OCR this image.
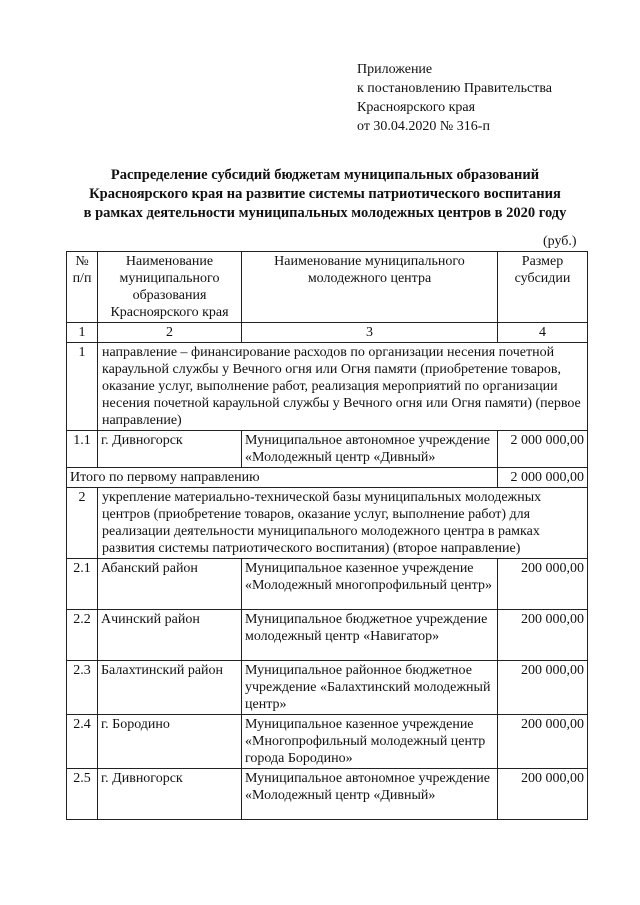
Приложение
к постановлению Правительства
Красноярского края
от 30.04.2020 № 316-п
Распределение субсидий бюджетам муниципальных образований
Красноярского края на развитие системы патриотического воспитания
в рамках деятельности муниципальных молодежных центров в 2020 году
(руб.)
№ п/п	Наименование муниципального образования Красноярского края	Наименование муниципального молодежного центра	Размер субсидии
1	2	3	4
1	направление – финансирование расходов по организации несения почетной караульной службы у Вечного огня или Огня памяти (приобретение товаров, оказание услуг, выполнение работ, реализация мероприятий по организации несения почетной караульной службы у Вечного огня или Огня памяти) (первое направление)		
1.1	г. Дивногорск	Муниципальное автономное учреждение «Молодежный центр «Дивный»	2 000 000,00
Итого по первому направлению			2 000 000,00
2	укрепление материально-технической базы муниципальных молодежных центров (приобретение товаров, оказание услуг, выполнение работ) для реализации деятельности муниципального молодежного центра в рамках развития системы патриотического воспитания) (второе направление)		
2.1	Абанский район	Муниципальное казенное учреждение «Молодежный многопрофильный центр»	200 000,00
2.2	Ачинский район	Муниципальное бюджетное учреждение молодежный центр «Навигатор»	200 000,00
2.3	Балахтинский район	Муниципальное районное бюджетное учреждение «Балахтинский молодежный центр»	200 000,00
2.4	г. Бородино	Муниципальное казенное учреждение «Многопрофильный молодежный центр города Бородино»	200 000,00
2.5	г. Дивногорск	Муниципальное автономное учреждение «Молодежный центр «Дивный»	200 000,00
